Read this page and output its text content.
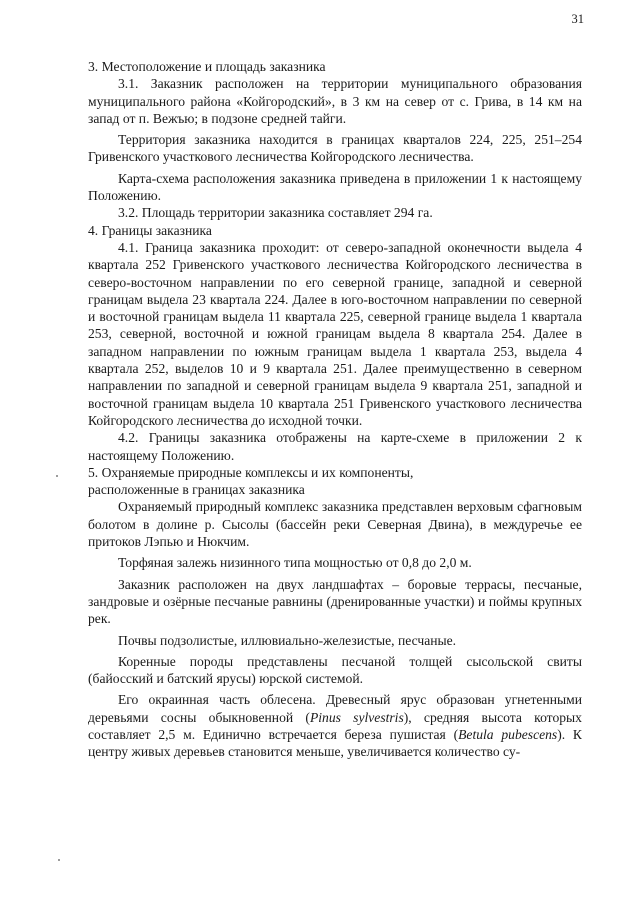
31

3. Местоположение и площадь заказника

3.1. Заказник расположен на территории муниципального образования муниципального района «Койгородский», в 3 км на север от с. Грива, в 14 км на запад от п. Вежъю; в подзоне средней тайги.

Территория заказника находится в границах кварталов 224, 225, 251–254 Гривенского участкового лесничества Койгородского лесничества.

Карта-схема расположения заказника приведена в приложении 1 к настоящему Положению.

3.2. Площадь территории заказника составляет 294 га.

4. Границы заказника

4.1. Граница заказника проходит: от северо-западной оконечности выдела 4 квартала 252 Гривенского участкового лесничества Койгородского лесничества в северо-восточном направлении по его северной границе, западной и северной границам выдела 23 квартала 224. Далее в юго-восточном направлении по северной и восточной границам выдела 11 квартала 225, северной границе выдела 1 квартала 253, северной, восточной и южной границам выдела 8 квартала 254. Далее в западном направлении по южным границам выдела 1 квартала 253, выдела 4 квартала 252, выделов 10 и 9 квартала 251. Далее преимущественно в северном направлении по западной и северной границам выдела 9 квартала 251, западной и восточной границам выдела 10 квартала 251 Гривенского участкового лесничества Койгородского лесничества до исходной точки.

4.2. Границы заказника отображены на карте-схеме в приложении 2 к настоящему Положению.

5. Охраняемые природные комплексы и их компоненты,
расположенные в границах заказника

Охраняемый природный комплекс заказника представлен верховым сфагновым болотом в долине р. Сысолы (бассейн реки Северная Двина), в междуречье ее притоков Лэпью и Нюкчим.

Торфяная залежь низинного типа мощностью от 0,8 до 2,0 м.

Заказник расположен на двух ландшафтах – боровые террасы, песчаные, зандровые и озёрные песчаные равнины (дренированные участки) и поймы крупных рек.

Почвы подзолистые, иллювиально-железистые, песчаные.

Коренные породы представлены песчаной толщей сысольской свиты (байосский и батский ярусы) юрской системой.

Его окраинная часть облесена. Древесный ярус образован угнетенными деревьями сосны обыкновенной (Pinus sylvestris), средняя высота которых составляет 2,5 м. Единично встречается береза пушистая (Betula pubescens). К центру живых деревьев становится меньше, увеличивается количество су-
